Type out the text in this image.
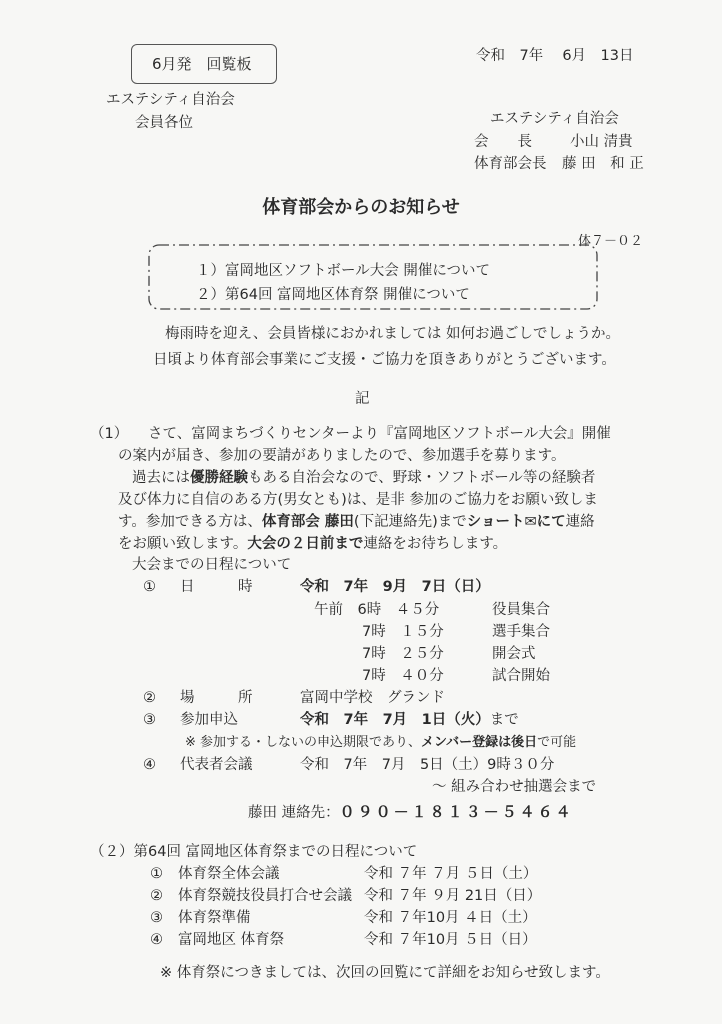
6月発　回覧板	令和　7年　 6月　13日
エステシティ自治会
会員各位	エステシティ自治会
会　　長	小山 清貴
体育部会長 藤 田　和 正
体育部会からのお知らせ
体７－０２
１）富岡地区ソフトボール大会 開催について
２）第64回 富岡地区体育祭 開催について
梅雨時を迎え、会員皆様におかれましては 如何お過ごしでしょうか。
日頃より体育部会事業にご支援・ご協力を頂きありがとうございます。
記
（1） さて、富岡まちづくりセンターより『富岡地区ソフトボール大会』開催
の案内が届き、参加の要請がありましたので、参加選手を募ります。
過去には優勝経験もある自治会なので、野球・ソフトボール等の経験者
及び体力に自信のある方(男女とも)は、是非 参加のご協力をお願い致しま
す。参加できる方は、体育部会 藤田(下記連絡先)までショート✉にて連絡
をお願い致します。大会の２日前まで連絡をお待ちします。
大会までの日程について
① 日　　　時	令和　7年　9月　7日（日）
午前　6時　４５分	役員集合
7時　１５分	選手集合
7時　２５分	開会式
7時　４０分	試合開始
② 場　　　所	富岡中学校　グランド
③ 参加申込	令和　7年　7月　1日（火）まで
※ 参加する・しないの申込期限であり、メンバー登録は後日で可能
④ 代表者会議	令和　7年　7月　5日（土）9時３０分
～ 組み合わせ抽選会まで
藤田 連絡先：０９０－１８１３－５４６４
（２）第64回 富岡地区体育祭までの日程について
① 体育祭全体会議	令和 ７年 ７月 ５日（土）
② 体育祭競技役員打合せ会議 令和 ７年 ９月 21日（日）
③ 体育祭準備	令和 ７年10月 ４日（土）
④ 富岡地区 体育祭	令和 ７年10月 ５日（日）
※ 体育祭につきましては、次回の回覧にて詳細をお知らせ致します。
